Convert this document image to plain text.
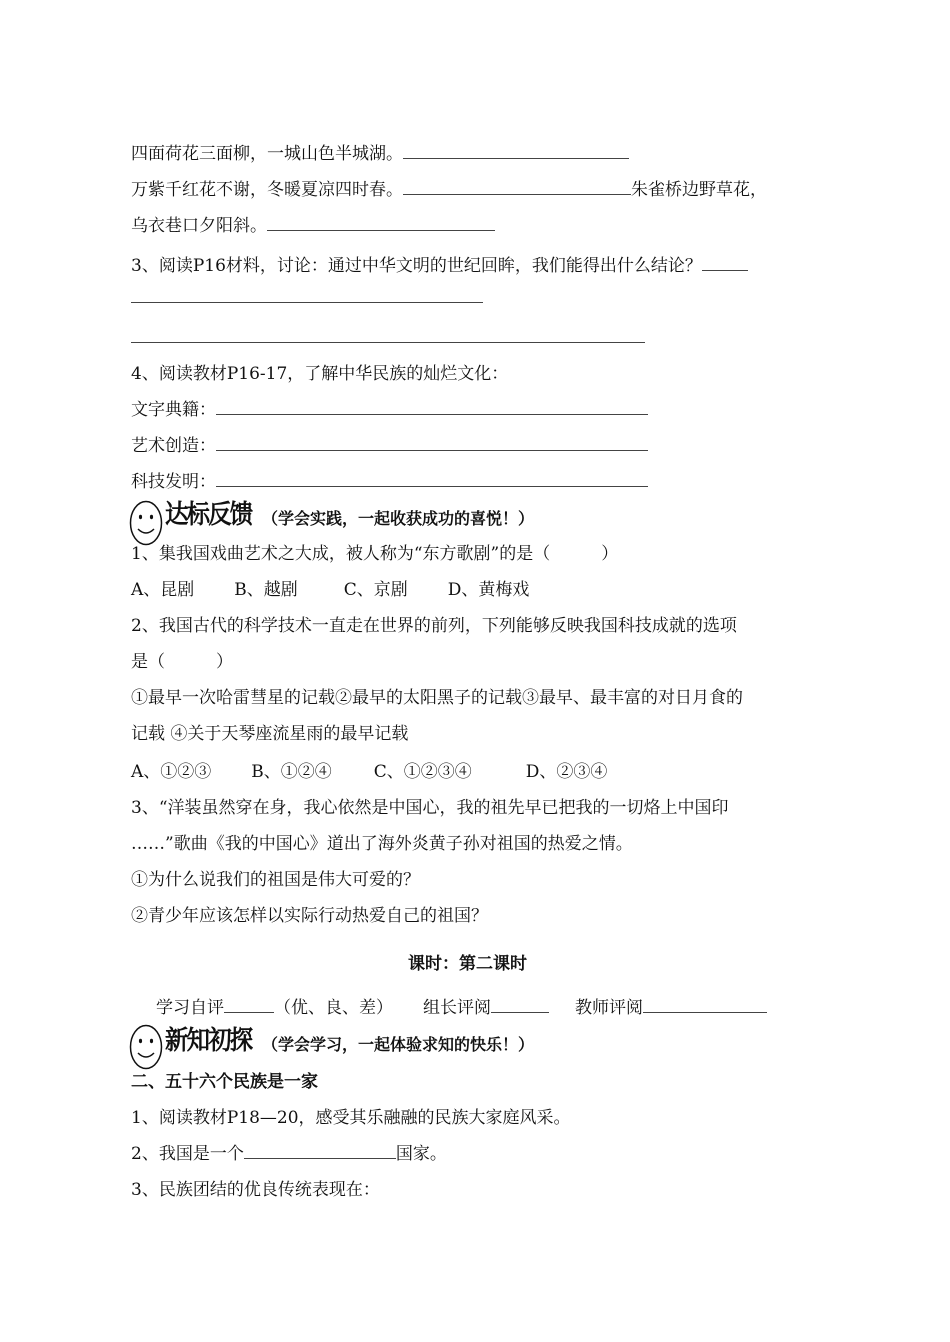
四面荷花三面柳，一城山色半城湖。
万紫千红花不谢，冬暖夏凉四时春。	朱雀桥边野草花，
乌衣巷口夕阳斜。
3、阅读P16材料，讨论：通过中华文明的世纪回眸，我们能得出什么结论？
4、阅读教材P16-17，了解中华民族的灿烂文化：
文字典籍：
艺术创造：
科技发明：
达标反馈 （学会实践，一起收获成功的喜悦！）
1、集我国戏曲艺术之大成，被人称为“东方歌剧”的是（　　　）
A、昆剧 B、越剧	C、京剧 D、黄梅戏
2、我国古代的科学技术一直走在世界的前列，下列能够反映我国科技成就的选项
是（　　　）
①最早一次哈雷彗星的记载②最早的太阳黑子的记载③最早、最丰富的对日月食的
记载 ④关于天琴座流星雨的最早记载
A、①②③ B、①②④ C、①②③④	D、②③④
3、“洋装虽然穿在身，我心依然是中国心，我的祖先早已把我的一切烙上中国印
……”歌曲《我的中国心》道出了海外炎黄子孙对祖国的热爱之情。
①为什么说我们的祖国是伟大可爱的？
②青少年应该怎样以实际行动热爱自己的祖国？
课时：第二课时
学习自评	（优、良、差） 组长评阅	教师评阅
新知初探 （学会学习，一起体验求知的快乐！）
二、五十六个民族是一家
1、阅读教材P18—20，感受其乐融融的民族大家庭风采。
2、我国是一个	国家。
3、民族团结的优良传统表现在：
